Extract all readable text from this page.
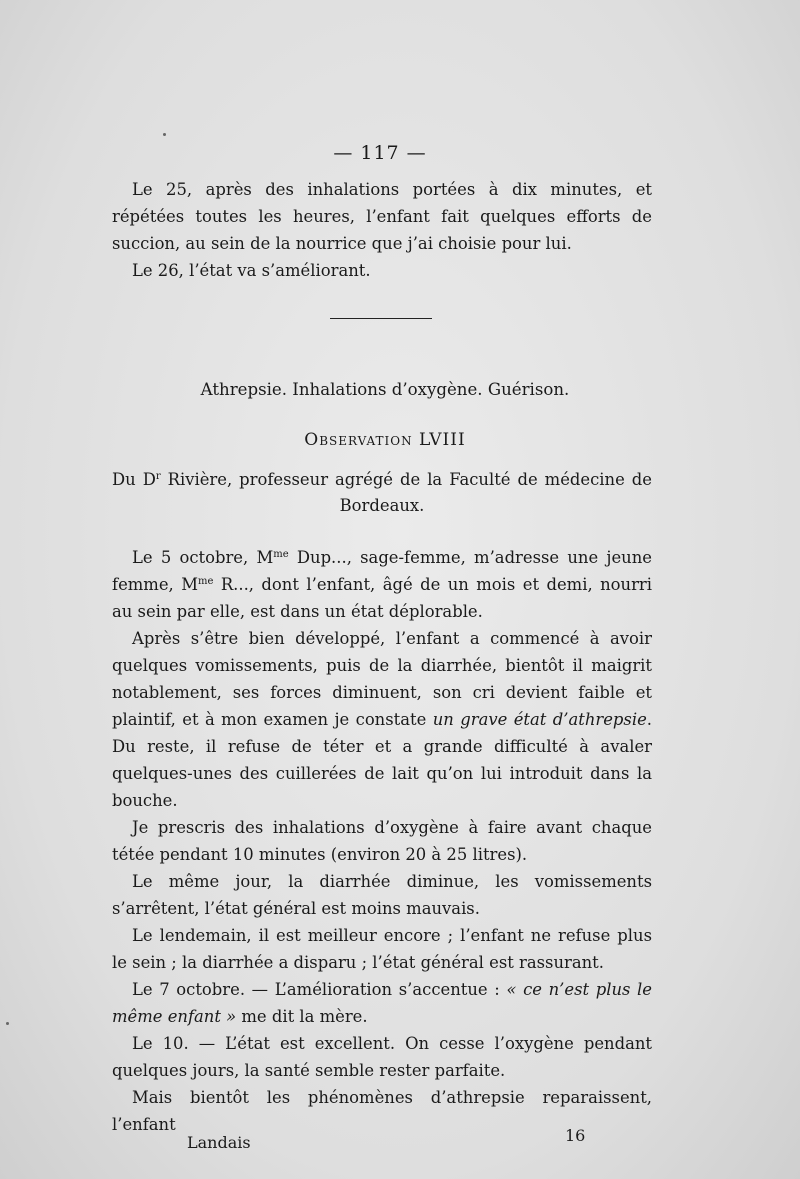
— 117 —

Le 25, après des inhalations portées à dix minutes, et répétées toutes les heures, l’enfant fait quelques efforts de succion, au sein de la nourrice que j’ai choisie pour lui.

Le 26, l’état va s’améliorant.

Athrepsie. Inhalations d’oxygène. Guérison.
Observation LVIII
Du $D^r$ Rivière, professeur agrégé de la Faculté de médecine de
Bordeaux.

Le 5 octobre, $M^{me}$ Dup..., sage-femme, m’adresse une jeune femme, $M^{me}$ R..., dont l’enfant, âgé de un mois et demi, nourri au sein par elle, est dans un état déplorable.

Après s’être bien développé, l’enfant a commencé à avoir quelques vomissements, puis de la diarrhée, bientôt il maigrit notablement, ses forces diminuent, son cri devient faible et plaintif, et à mon examen je constate un grave état d’athrepsie. Du reste, il refuse de téter et a grande difficulté à avaler quelques-unes des cuillerées de lait qu’on lui introduit dans la bouche.

Je prescris des inhalations d’oxygène à faire avant chaque tétée pendant 10 minutes (environ 20 à 25 litres).

Le même jour, la diarrhée diminue, les vomissements s’arrêtent, l’état général est moins mauvais.

Le lendemain, il est meilleur encore ; l’enfant ne refuse plus le sein ; la diarrhée a disparu ; l’état général est rassurant.

Le 7 octobre. — L’amélioration s’accentue : « ce n’est plus le même enfant » me dit la mère.

Le 10. — L’état est excellent. On cesse l’oxygène pendant quelques jours, la santé semble rester parfaite.

Mais bientôt les phénomènes d’athrepsie reparaissent, l’enfant

Landais	16
